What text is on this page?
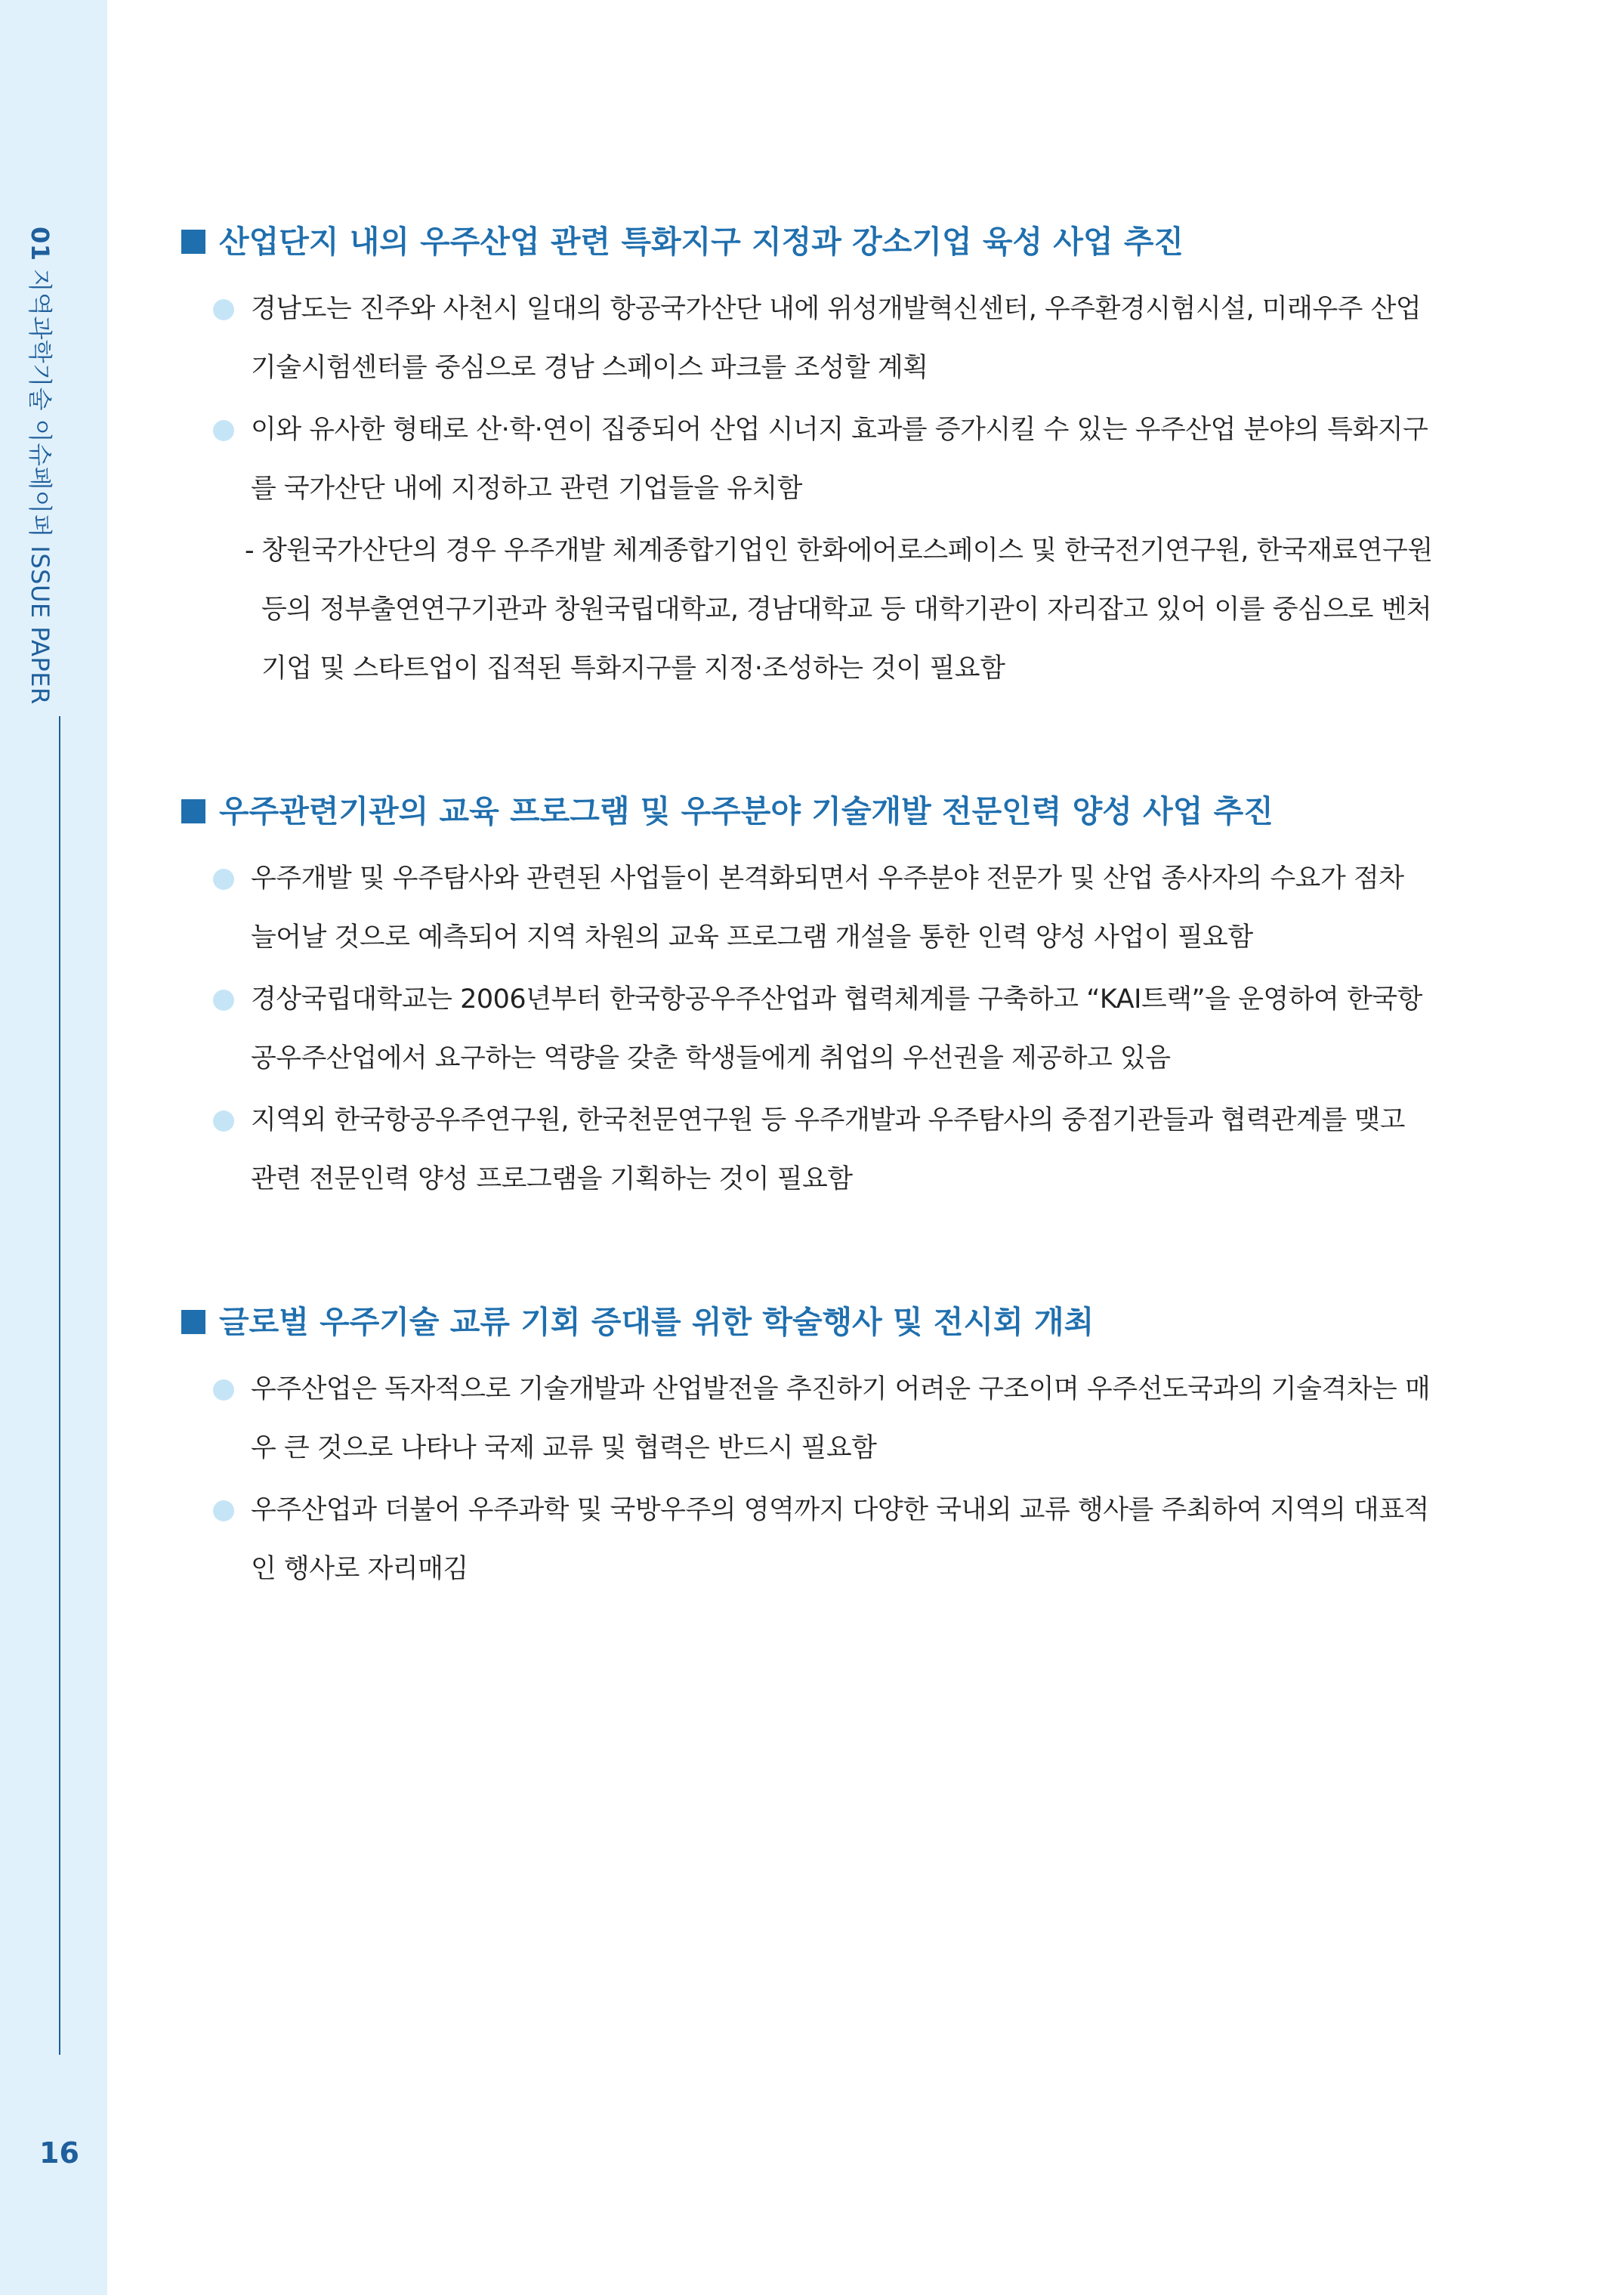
01지역과학기술 이슈페이퍼 ISSUE PAPER
16
산업단지 내의 우주산업 관련 특화지구 지정과 강소기업 육성 사업 추진
경남도는 진주와 사천시 일대의 항공국가산단 내에 위성개발혁신센터, 우주환경시험시설, 미래우주 산업 기술시험센터를 중심으로 경남 스페이스 파크를 조성할 계획
이와 유사한 형태로 산·학·연이 집중되어 산업 시너지 효과를 증가시킬 수 있는 우주산업 분야의 특화지구를 국가산단 내에 지정하고 관련 기업들을 유치함
- 창원국가산단의 경우 우주개발 체계종합기업인 한화에어로스페이스 및 한국전기연구원, 한국재료연구원 등의 정부출연연구기관과 창원국립대학교, 경남대학교 등 대학기관이 자리잡고 있어 이를 중심으로 벤처기업 및 스타트업이 집적된 특화지구를 지정·조성하는 것이 필요함
우주관련기관의 교육 프로그램 및 우주분야 기술개발 전문인력 양성 사업 추진
우주개발 및 우주탐사와 관련된 사업들이 본격화되면서 우주분야 전문가 및 산업 종사자의 수요가 점차 늘어날 것으로 예측되어 지역 차원의 교육 프로그램 개설을 통한 인력 양성 사업이 필요함
경상국립대학교는 2006년부터 한국항공우주산업과 협력체계를 구축하고 “KAI트랙”을 운영하여 한국항공우주산업에서 요구하는 역량을 갖춘 학생들에게 취업의 우선권을 제공하고 있음
지역외 한국항공우주연구원, 한국천문연구원 등 우주개발과 우주탐사의 중점기관들과 협력관계를 맺고 관련 전문인력 양성 프로그램을 기획하는 것이 필요함
글로벌 우주기술 교류 기회 증대를 위한 학술행사 및 전시회 개최
우주산업은 독자적으로 기술개발과 산업발전을 추진하기 어려운 구조이며 우주선도국과의 기술격차는 매우 큰 것으로 나타나 국제 교류 및 협력은 반드시 필요함
우주산업과 더불어 우주과학 및 국방우주의 영역까지 다양한 국내외 교류 행사를 주최하여 지역의 대표적인 행사로 자리매김
